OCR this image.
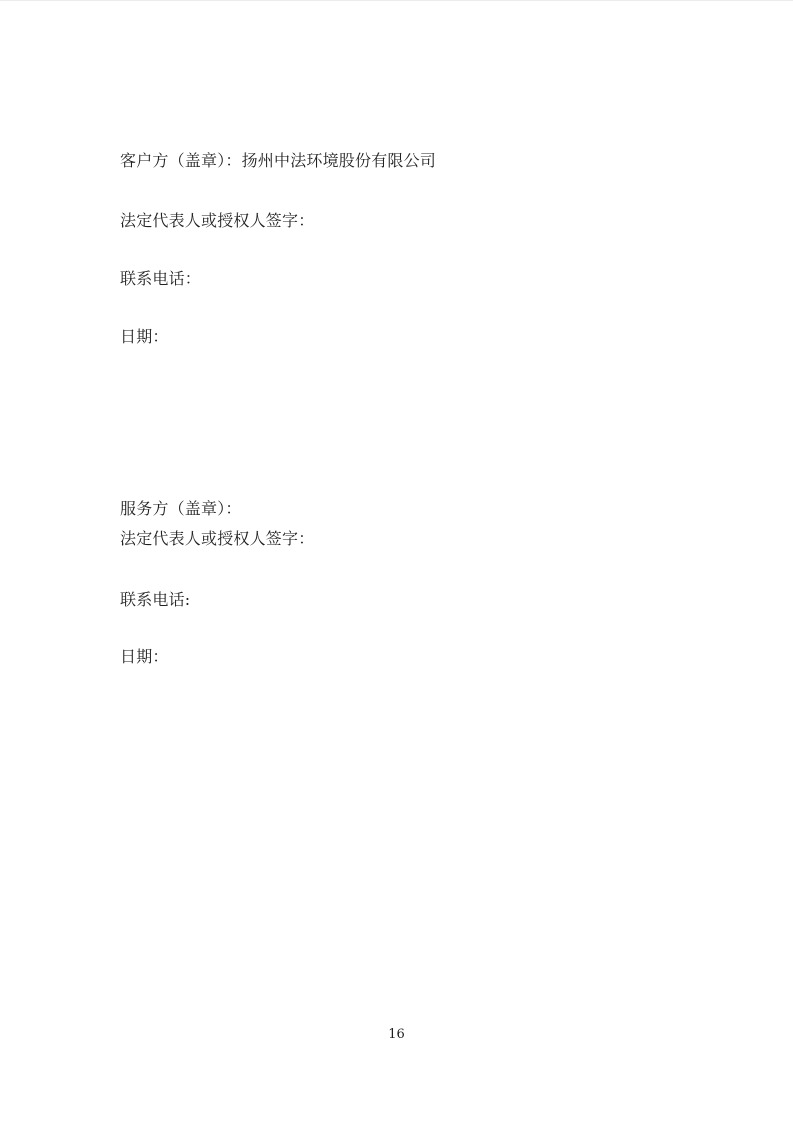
客户方（盖章）：扬州中法环境股份有限公司

法定代表人或授权人签字：

联系电话：

日期：

服务方（盖章）：

法定代表人或授权人签字：

联系电话:

日期：

16
